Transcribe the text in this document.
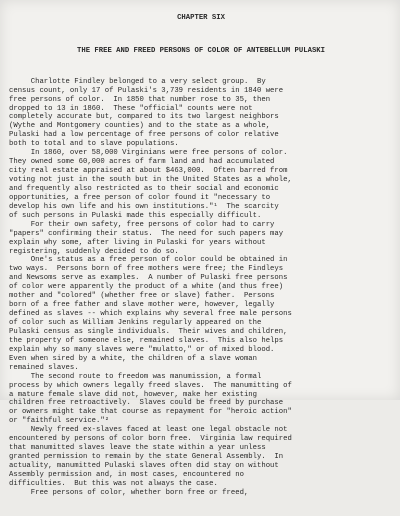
CHAPTER SIX

THE FREE AND FREED PERSONS OF COLOR OF ANTEBELLUM PULASKI

Charlotte Findley belonged to a very select group.  By
census count, only 17 of Pulaski's 3,739 residents in 1840 were
free persons of color.  In 1850 that number rose to 35, then
dropped to 13 in 1860.  These "official" counts were not
completely accurate but, compared to its two largest neighbors
(Wythe and Montgomery counties) and to the state as a whole,
Pulaski had a low percentage of free persons of color relative
both to total and to slave populations.
In 1860, over 58,000 Virginians were free persons of color.
They owned some 60,000 acres of farm land and had accumulated
city real estate appraised at about $463,000.  Often barred from
voting not just in the south but in the United States as a whole,
and frequently also restricted as to their social and economic
opportunities, a free person of color found it "necessary to
develop his own life and his own institutions."¹  The scarcity
of such persons in Pulaski made this especially difficult.
For their own safety, free persons of color had to carry
"papers" confirming their status.  The need for such papers may
explain why some, after living in Pulaski for years without
registering, suddenly decided to do so.
One's status as a free person of color could be obtained in
two ways.  Persons born of free mothers were free; the Findleys
and Newsoms serve as examples.  A number of Pulaski free persons
of color were apparently the product of a white (and thus free)
mother and "colored" (whether free or slave) father.  Persons
born of a free father and slave mother were, however, legally
defined as slaves -- which explains why several free male persons
of color such as William Jenkins regularly appeared on the
Pulaski census as single individuals.  Their wives and children,
the property of someone else, remained slaves.  This also helps
explain why so many slaves were "mulatto," or of mixed blood.
Even when sired by a white, the children of a slave woman
remained slaves.
The second route to freedom was manumission, a formal
process by which owners legally freed slaves.  The manumitting of
a mature female slave did not, however, make her existing
children free retroactively.  Slaves could be freed by purchase
or owners might take that course as repayment for "heroic action"
or "faithful service."²
Newly freed ex-slaves faced at least one legal obstacle not
encountered by persons of color born free.  Virginia law required
that manumitted slaves leave the state within a year unless
granted permission to remain by the state General Assembly.  In
actuality, manumitted Pulaski slaves often did stay on without
Assembly permission and, in most cases, encountered no
difficulties.  But this was not always the case.
Free persons of color, whether born free or freed,
